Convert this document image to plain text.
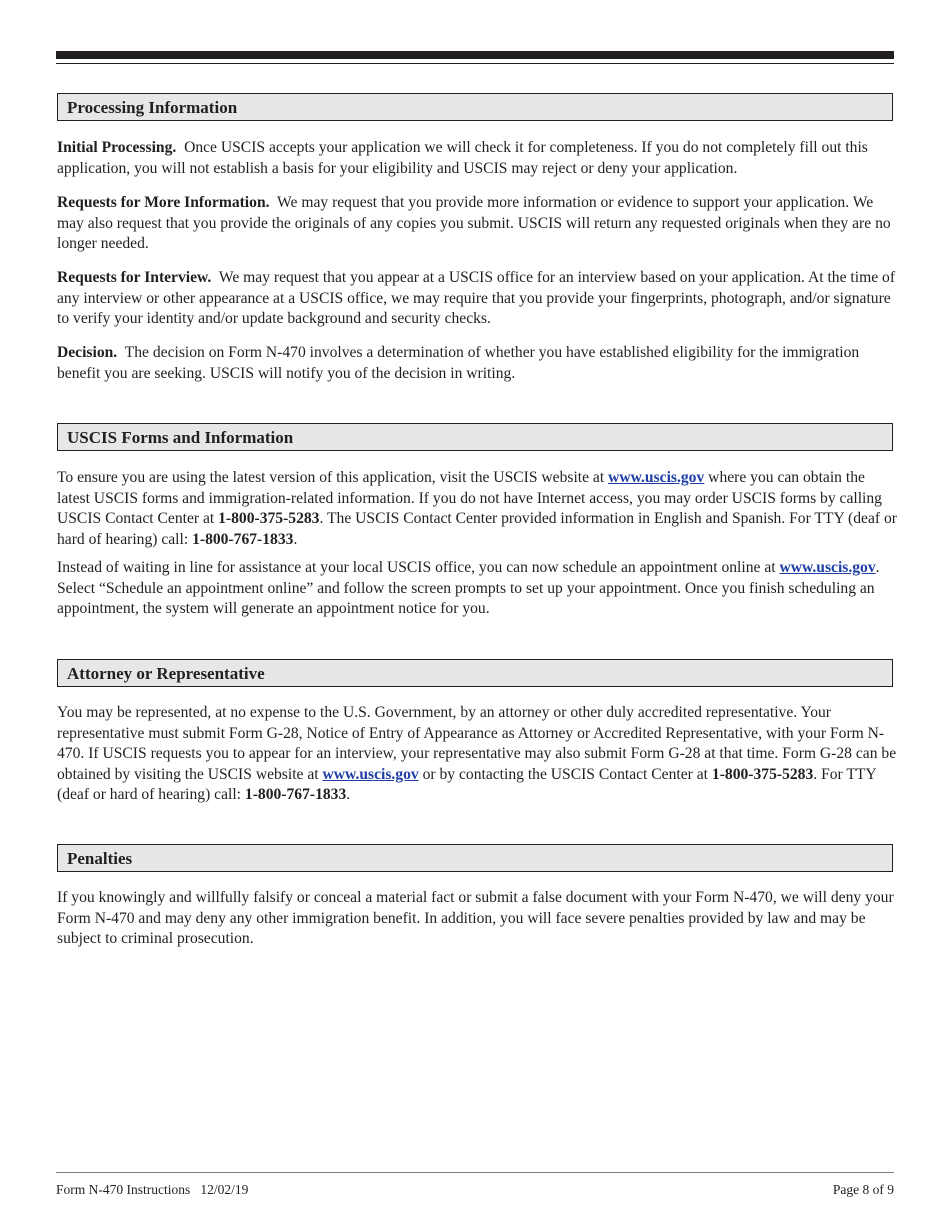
Processing Information

Initial Processing. Once USCIS accepts your application we will check it for completeness. If you do not completely fill out this application, you will not establish a basis for your eligibility and USCIS may reject or deny your application.

Requests for More Information. We may request that you provide more information or evidence to support your application. We may also request that you provide the originals of any copies you submit. USCIS will return any requested originals when they are no longer needed.

Requests for Interview. We may request that you appear at a USCIS office for an interview based on your application. At the time of any interview or other appearance at a USCIS office, we may require that you provide your fingerprints, photograph, and/or signature to verify your identity and/or update background and security checks.

Decision. The decision on Form N-470 involves a determination of whether you have established eligibility for the immigration benefit you are seeking. USCIS will notify you of the decision in writing.

USCIS Forms and Information

To ensure you are using the latest version of this application, visit the USCIS website at www.uscis.gov where you can obtain the latest USCIS forms and immigration-related information. If you do not have Internet access, you may order USCIS forms by calling USCIS Contact Center at 1-800-375-5283. The USCIS Contact Center provided information in English and Spanish. For TTY (deaf or hard of hearing) call: 1-800-767-1833.

Instead of waiting in line for assistance at your local USCIS office, you can now schedule an appointment online at www.uscis.gov. Select “Schedule an appointment online” and follow the screen prompts to set up your appointment. Once you finish scheduling an appointment, the system will generate an appointment notice for you.

Attorney or Representative

You may be represented, at no expense to the U.S. Government, by an attorney or other duly accredited representative. Your representative must submit Form G-28, Notice of Entry of Appearance as Attorney or Accredited Representative, with your Form N-470. If USCIS requests you to appear for an interview, your representative may also submit Form G-28 at that time. Form G-28 can be obtained by visiting the USCIS website at www.uscis.gov or by contacting the USCIS Contact Center at 1-800-375-5283. For TTY (deaf or hard of hearing) call: 1-800-767-1833.

Penalties

If you knowingly and willfully falsify or conceal a material fact or submit a false document with your Form N-470, we will deny your Form N-470 and may deny any other immigration benefit. In addition, you will face severe penalties provided by law and may be subject to criminal prosecution.

Form N-470 Instructions   12/02/19	Page 8 of 9
